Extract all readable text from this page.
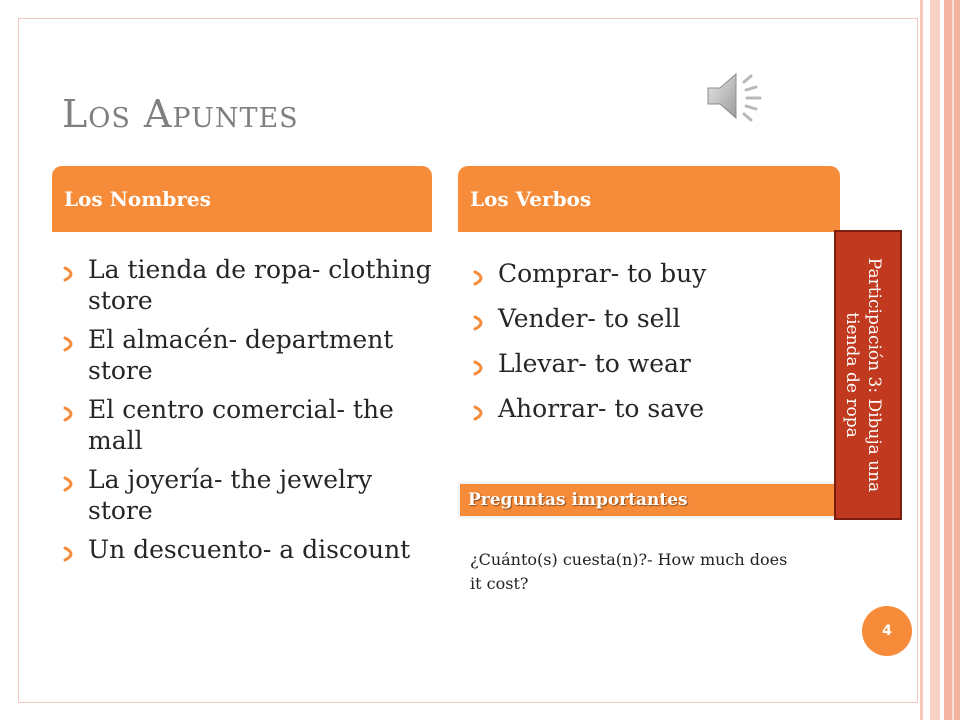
Los Apuntes
Los Nombres	Los Verbos
La tienda de ropa- clothing store
El almacén- department store
El centro comercial- the mall
La joyería- the jewelry store
Un descuento- a discount
Comprar- to buy
Vender- to sell
Llevar- to wear
Ahorrar- to save
Preguntas importantes
¿Cuánto(s) cuesta(n)?- How much does it cost?
Participación 3: Dibuja una tienda de ropa
4
